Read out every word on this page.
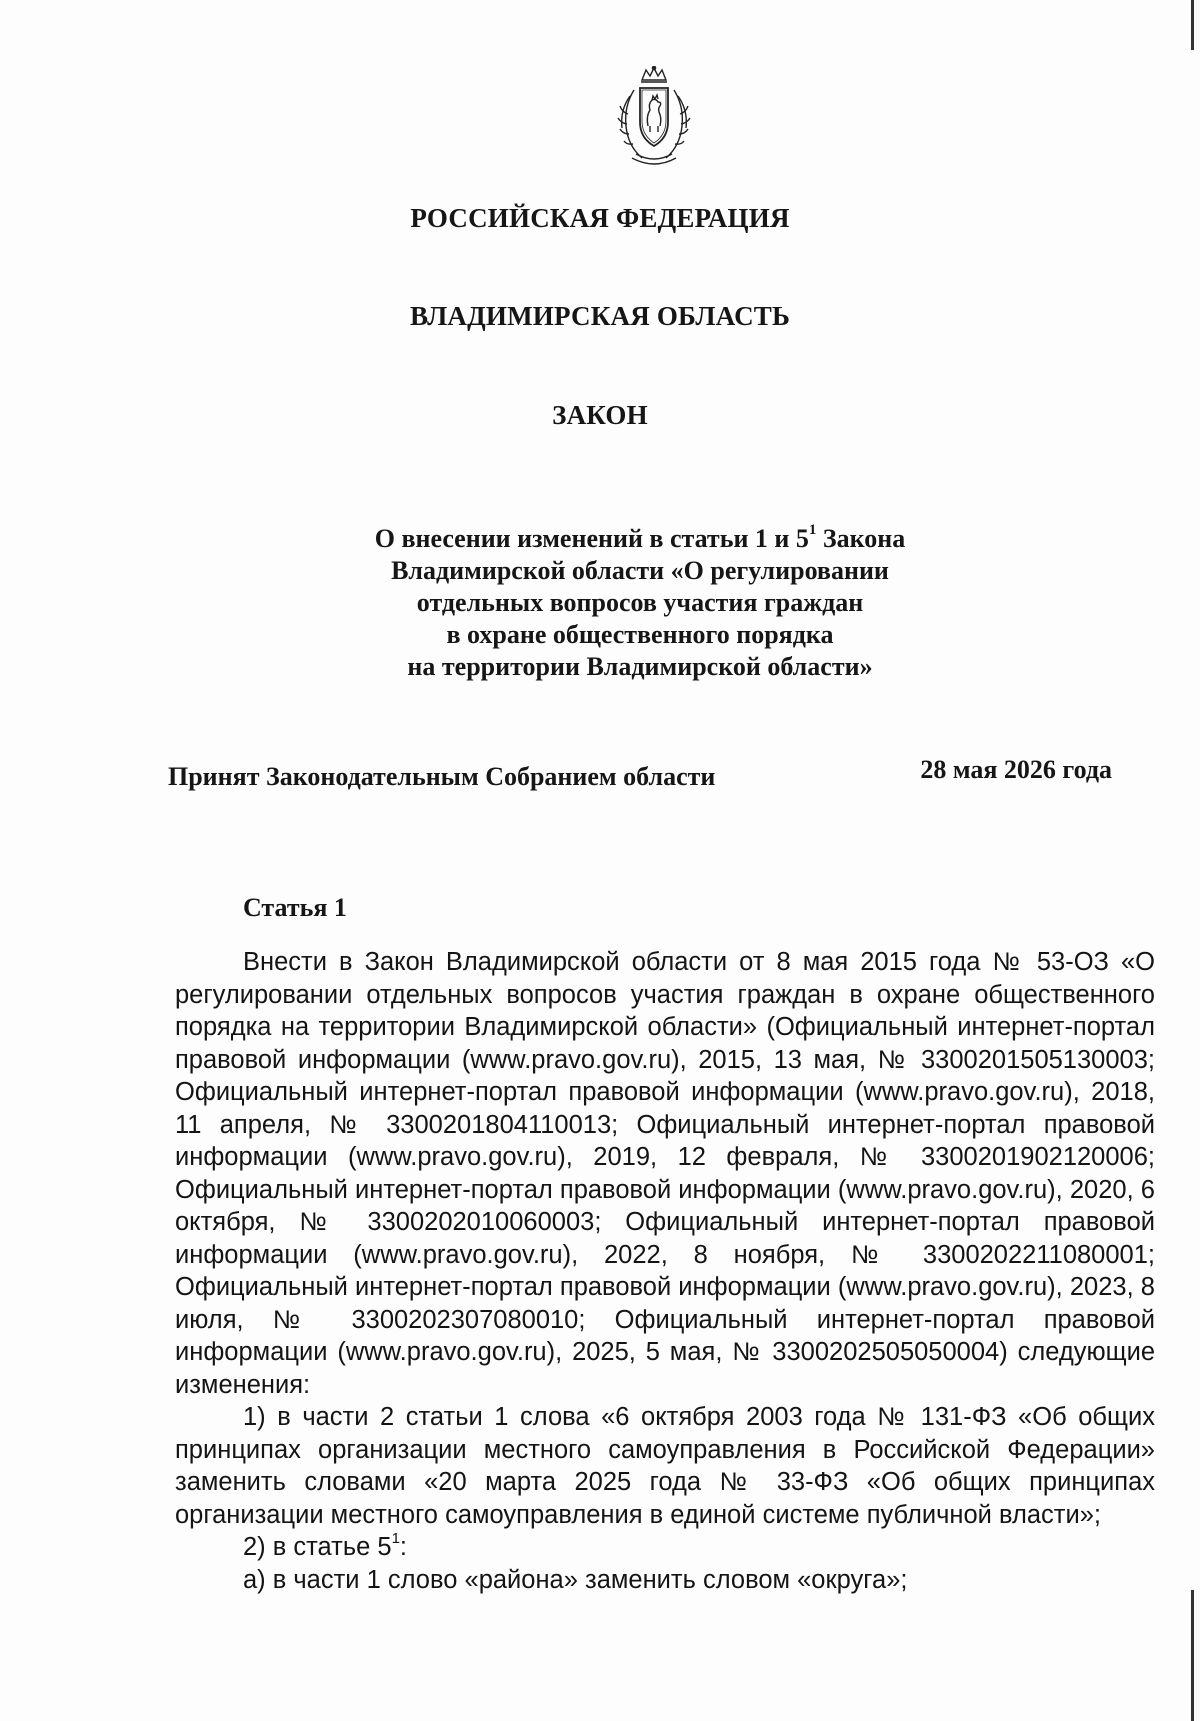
РОССИЙСКАЯ ФЕДЕРАЦИЯ
ВЛАДИМИРСКАЯ ОБЛАСТЬ
ЗАКОН
О внесении изменений в статьи 1 и $5^1$ Закона
Владимирской области «О регулировании
отдельных вопросов участия граждан
в охране общественного порядка
на территории Владимирской области»
Принят Законодательным Собранием области	28 мая 2026 года
Статья 1

Внести в Закон Владимирской области от 8 мая 2015 года № 53-ОЗ «О регулировании отдельных вопросов участия граждан в охране общественного порядка на территории Владимирской области» (Официальный интернет-портал правовой информации (www.pravo.gov.ru), 2015, 13 мая, № 3300201505130003; Официальный интернет-портал правовой информации (www.pravo.gov.ru), 2018, 11 апреля, № 3300201804110013; Официальный интернет-портал правовой информации (www.pravo.gov.ru), 2019, 12 февраля, № 3300201902120006; Официальный интернет-портал правовой информации (www.pravo.gov.ru), 2020, 6 октября, № 3300202010060003; Официальный интернет-портал правовой информации (www.pravo.gov.ru), 2022, 8 ноября, № 3300202211080001; Официальный интернет-портал правовой информации (www.pravo.gov.ru), 2023, 8 июля, № 3300202307080010; Официальный интернет-портал правовой информации (www.pravo.gov.ru), 2025, 5 мая, № 3300202505050004) следующие изменения:

1) в части 2 статьи 1 слова «6 октября 2003 года № 131-ФЗ «Об общих принципах организации местного самоуправления в Российской Федерации» заменить словами «20 марта 2025 года № 33-ФЗ «Об общих принципах организации местного самоуправления в единой системе публичной власти»;

2) в статье $5^1$:

а) в части 1 слово «района» заменить словом «округа»;
